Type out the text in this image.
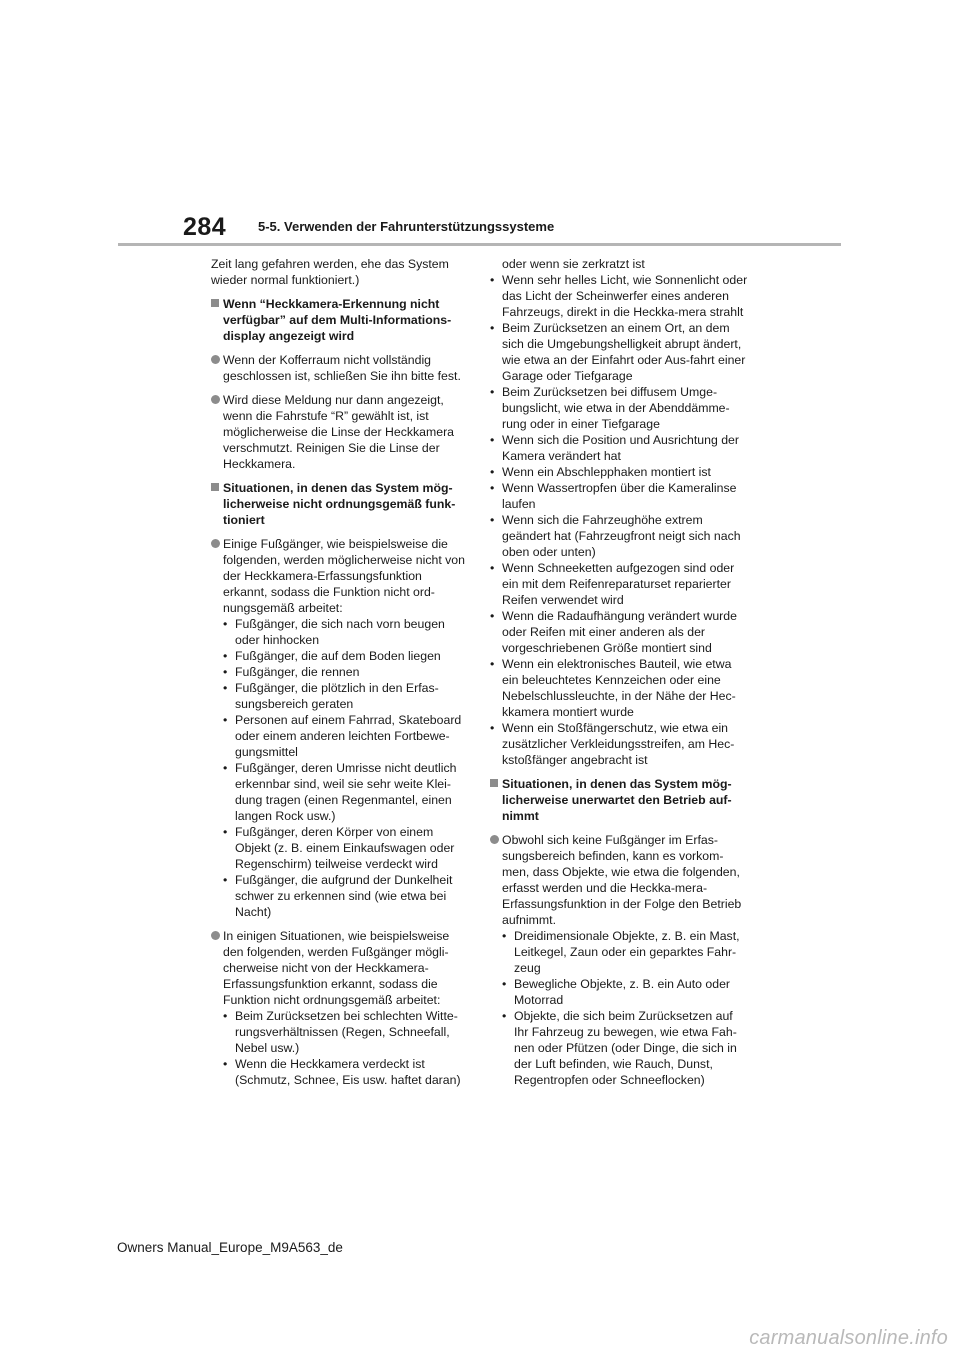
284 5-5. Verwenden der Fahrunterstützungssysteme

Zeit lang gefahren werden, ehe das System wieder normal funktioniert.)

Wenn “Heckkamera-Erkennung nicht verfügbar” auf dem Multi-Informations-display angezeigt wird
Wenn der Kofferraum nicht vollständig geschlossen ist, schließen Sie ihn bitte fest.
Wird diese Meldung nur dann angezeigt, wenn die Fahrstufe “R” gewählt ist, ist möglicherweise die Linse der Heckkamera verschmutzt. Reinigen Sie die Linse der Heckkamera.
Situationen, in denen das System mög-licherweise nicht ordnungsgemäß funk-tioniert
Einige Fußgänger, wie beispielsweise die folgenden, werden möglicherweise nicht von der Heckkamera-Erfassungsfunktion erkannt, sodass die Funktion nicht ord-nungsgemäß arbeitet:
• Fußgänger, die sich nach vorn beugen oder hinhocken
• Fußgänger, die auf dem Boden liegen
• Fußgänger, die rennen
• Fußgänger, die plötzlich in den Erfas-sungsbereich geraten
• Personen auf einem Fahrrad, Skateboard oder einem anderen leichten Fortbewe-gungsmittel
• Fußgänger, deren Umrisse nicht deutlich erkennbar sind, weil sie sehr weite Klei-dung tragen (einen Regenmantel, einen langen Rock usw.)
• Fußgänger, deren Körper von einem Objekt (z. B. einem Einkaufswagen oder Regenschirm) teilweise verdeckt wird
• Fußgänger, die aufgrund der Dunkelheit schwer zu erkennen sind (wie etwa bei Nacht)
In einigen Situationen, wie beispielsweise den folgenden, werden Fußgänger mögli-cherweise nicht von der Heckkamera-Erfassungsfunktion erkannt, sodass die Funktion nicht ordnungsgemäß arbeitet:
• Beim Zurücksetzen bei schlechten Witte-rungsverhältnissen (Regen, Schneefall, Nebel usw.)
• Wenn die Heckkamera verdeckt ist (Schmutz, Schnee, Eis usw. haftet daran)
oder wenn sie zerkratzt ist
• Wenn sehr helles Licht, wie Sonnenlicht oder das Licht der Scheinwerfer eines anderen Fahrzeugs, direkt in die Heckka-mera strahlt
• Beim Zurücksetzen an einem Ort, an dem sich die Umgebungshelligkeit abrupt ändert, wie etwa an der Einfahrt oder Aus-fahrt einer Garage oder Tiefgarage
• Beim Zurücksetzen bei diffusem Umge-bungslicht, wie etwa in der Abenddämme-rung oder in einer Tiefgarage
• Wenn sich die Position und Ausrichtung der Kamera verändert hat
• Wenn ein Abschlepphaken montiert ist
• Wenn Wassertropfen über die Kameralinse laufen
• Wenn sich die Fahrzeughöhe extrem geändert hat (Fahrzeugfront neigt sich nach oben oder unten)
• Wenn Schneeketten aufgezogen sind oder ein mit dem Reifenreparaturset reparierter Reifen verwendet wird
• Wenn die Radaufhängung verändert wurde oder Reifen mit einer anderen als der vorgeschriebenen Größe montiert sind
• Wenn ein elektronisches Bauteil, wie etwa ein beleuchtetes Kennzeichen oder eine Nebelschlussleuchte, in der Nähe der Hec-kkamera montiert wurde
• Wenn ein Stoßfängerschutz, wie etwa ein zusätzlicher Verkleidungsstreifen, am Hec-kstoßfänger angebracht ist
Situationen, in denen das System mög-licherweise unerwartet den Betrieb auf-nimmt
Obwohl sich keine Fußgänger im Erfas-sungsbereich befinden, kann es vorkom-men, dass Objekte, wie etwa die folgenden, erfasst werden und die Heckka-mera-Erfassungsfunktion in der Folge den Betrieb aufnimmt.
• Dreidimensionale Objekte, z. B. ein Mast, Leitkegel, Zaun oder ein geparktes Fahr-zeug
• Bewegliche Objekte, z. B. ein Auto oder Motorrad
• Objekte, die sich beim Zurücksetzen auf Ihr Fahrzeug zu bewegen, wie etwa Fah-nen oder Pfützen (oder Dinge, die sich in der Luft befinden, wie Rauch, Dunst, Regentropfen oder Schneeflocken)
Owners Manual_Europe_M9A563_de
carmanualsonline.info
